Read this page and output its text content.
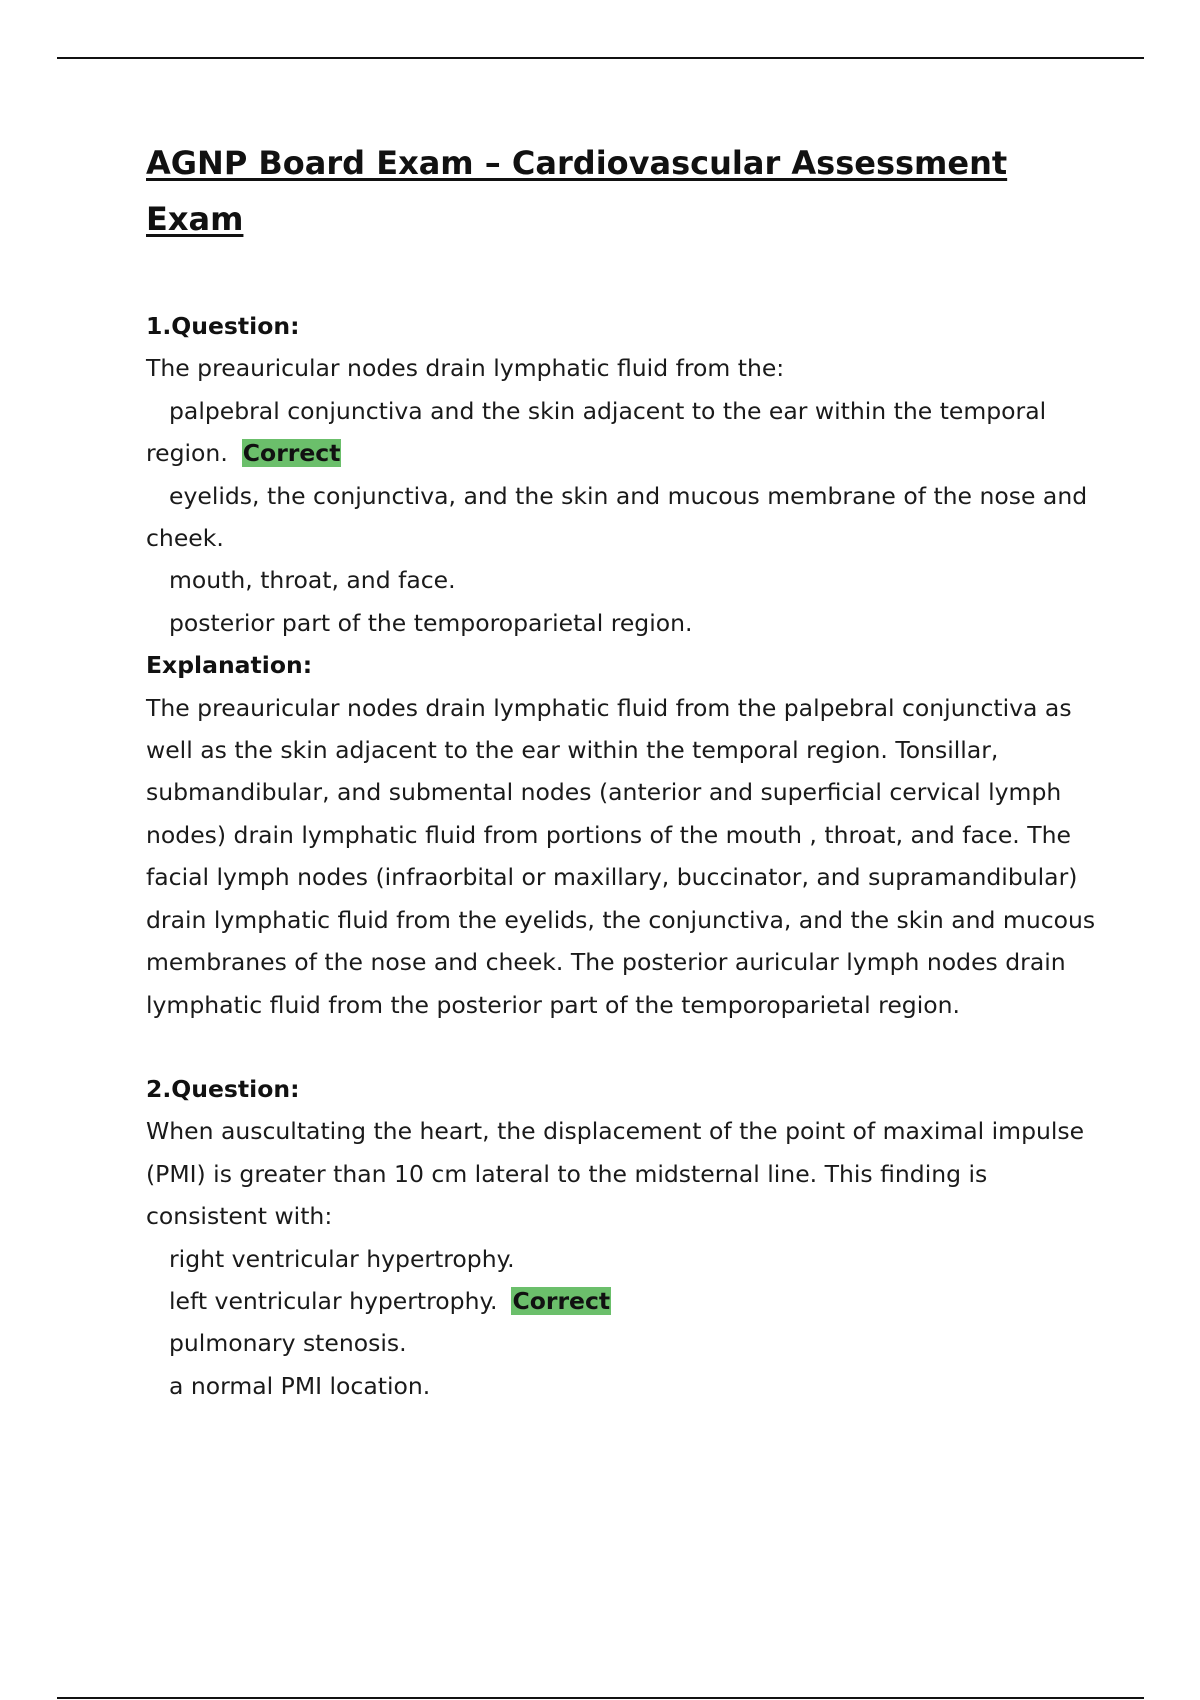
AGNP Board Exam – Cardiovascular Assessment Exam
1.Question:
The preauricular nodes drain lymphatic fluid from the:
palpebral conjunctiva and the skin adjacent to the ear within the temporal region. Correct
eyelids, the conjunctiva, and the skin and mucous membrane of the nose and cheek.
mouth, throat, and face.
posterior part of the temporoparietal region.
Explanation:
The preauricular nodes drain lymphatic fluid from the palpebral conjunctiva as well as the skin adjacent to the ear within the temporal region. Tonsillar, submandibular, and submental nodes (anterior and superficial cervical lymph nodes) drain lymphatic fluid from portions of the mouth , throat, and face. The facial lymph nodes (infraorbital or maxillary, buccinator, and supramandibular) drain lymphatic fluid from the eyelids, the conjunctiva, and the skin and mucous membranes of the nose and cheek. The posterior auricular lymph nodes drain lymphatic fluid from the posterior part of the temporoparietal region.
2.Question:
When auscultating the heart, the displacement of the point of maximal impulse (PMI) is greater than 10 cm lateral to the midsternal line. This finding is consistent with:
right ventricular hypertrophy.
left ventricular hypertrophy. Correct
pulmonary stenosis.
a normal PMI location.
